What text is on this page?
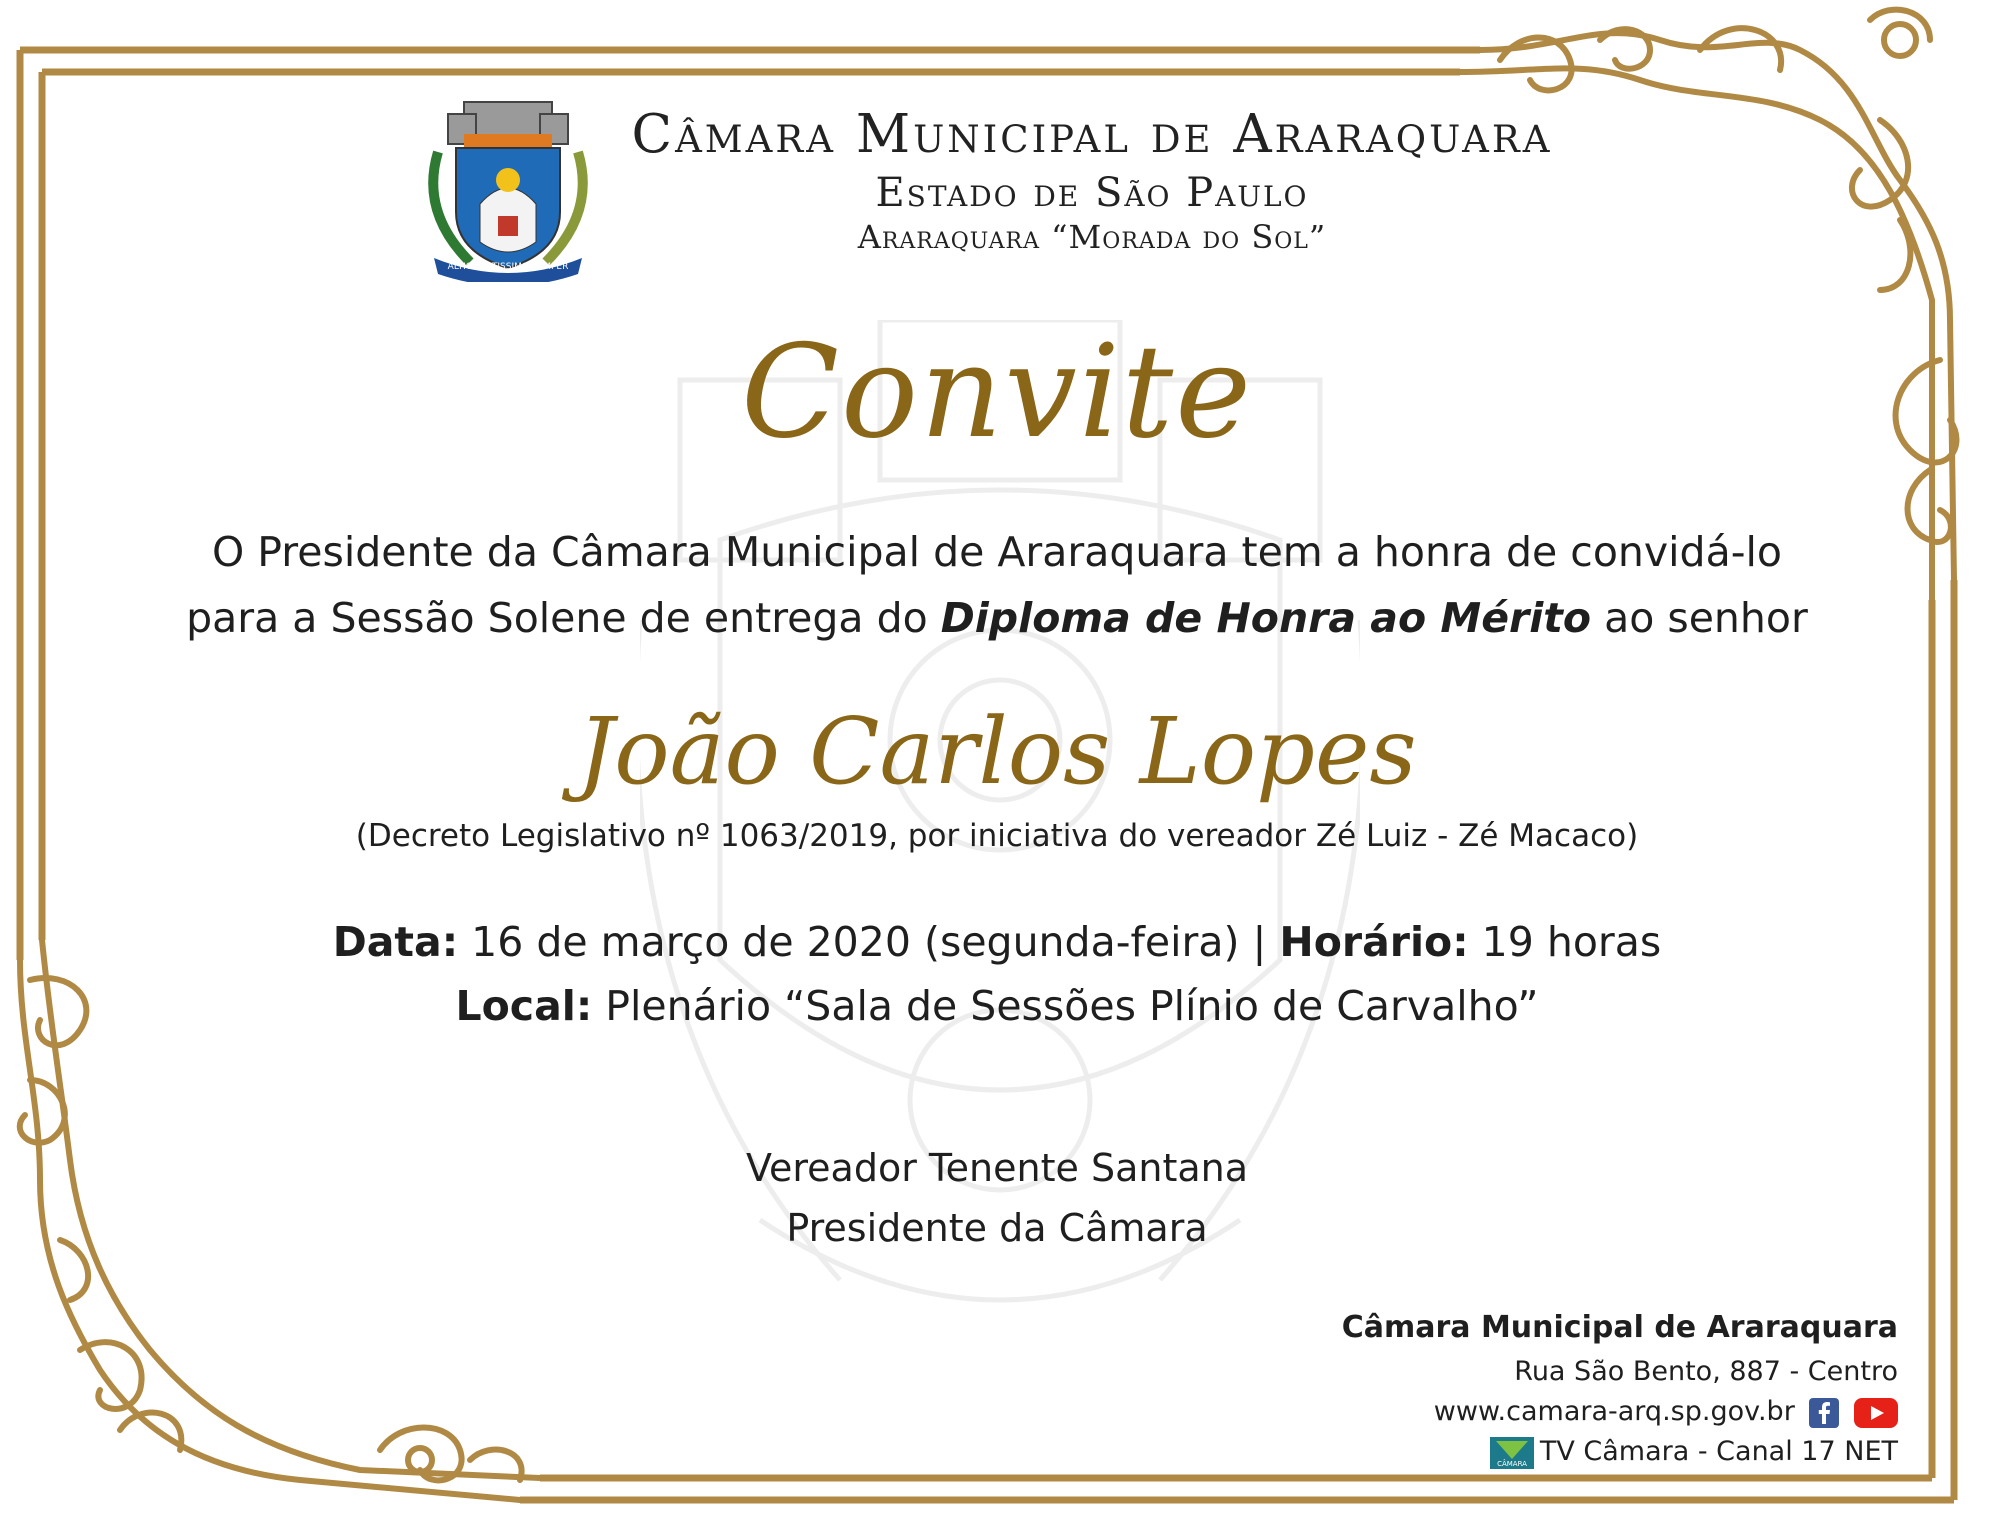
Câmara Municipal de Araraquara
Estado de São Paulo
Araraquara “Morada do Sol”
Convite
O Presidente da Câmara Municipal de Araraquara tem a honra de convidá-lo
para a Sessão Solene de entrega do Diploma de Honra ao Mérito ao senhor
João Carlos Lopes
(Decreto Legislativo nº 1063/2019, por iniciativa do vereador Zé Luiz - Zé Macaco)
Data: 16 de março de 2020 (segunda-feira) | Horário: 19 horas
Local: Plenário “Sala de Sessões Plínio de Carvalho”
Vereador Tenente Santana
Presidente da Câmara
Câmara Municipal de Araraquara
Rua São Bento, 887 - Centro
www.camara-arq.sp.gov.br
CÂMARA TV Câmara - Canal 17 NET
ALTIOR ALTISSIMO SEMPER
